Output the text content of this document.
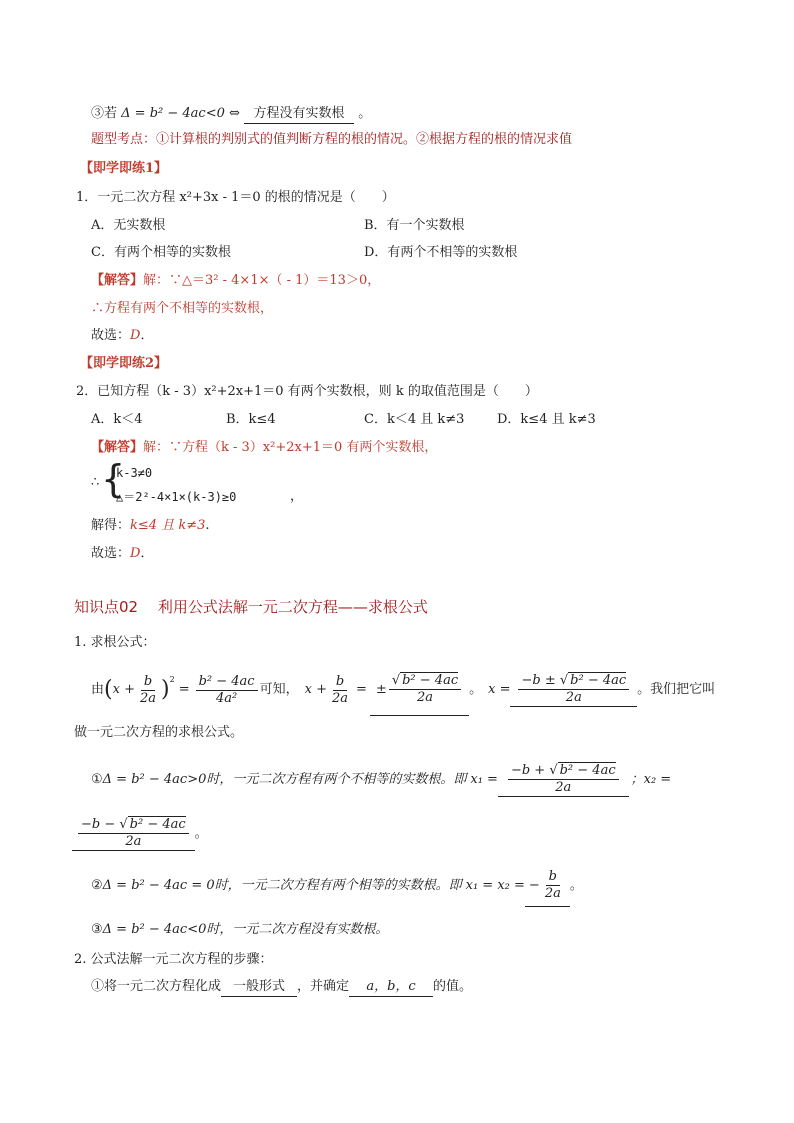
③若 Δ = b² − 4ac<0 ⇔ 方程没有实数根 。
题型考点：①计算根的判别式的值判断方程的根的情况。②根据方程的根的情况求值
【即学即练1】
1．一元二次方程 x²+3x - 1＝0 的根的情况是（　　）
A．无实数根	B．有一个实数根
C．有两个相等的实数根	D．有两个不相等的实数根
【解答】解：∵△＝3² - 4×1×（ - 1）＝13＞0，
∴方程有两个不相等的实数根，
故选：D．
【即学即练2】
2．已知方程（k - 3）x²+2x+1＝0 有两个实数根，则 k 的取值范围是（　　）
A．k＜4	B．k≤4	C．k＜4 且 k≠3	D．k≤4 且 k≠3
【解答】解：∵方程（k - 3）x²+2x+1＝0 有两个实数根，
∴ {
k-3≠0
△＝2²-4×1×(k-3)≥0	，
解得：k≤4 且 k≠3.
故选：D．
知识点02　 利用公式法解一元二次方程——求根公式
1. 求根公式：
由 ( $x + \frac{b}{2a} )^2$
= $\frac{\text{b² − 4ac}}{\text{4a²}}$ 可知， $x + \frac{b}{2a}$ = ± $\frac{\text{√ b² − 4ac}}{2a}$ 。 $x = \frac{\text{−b ± √ b² − 4ac}}{2a}$ 。我们把它叫
做一元二次方程的求根公式。
① Δ = b² − 4ac>0时，一元二次方程有两个不相等的实数根。即 $x_1 = \frac{\text{−b + √ b² − 4ac}}{2a}$ ；x₂ =
$\frac{\text{−b − √ b² − 4ac}}{2a}$ 。
② Δ = b² − 4ac = 0时，一元二次方程有两个相等的实数根。即 x₁ = x₂ = − $\frac{b}{2a}$ 。
③Δ = b² − 4ac<0时，一元二次方程没有实数根。
2. 公式法解一元二次方程的步骤：
①将一元二次方程化成 一般形式 ，并确定 a，b，c 的值。
